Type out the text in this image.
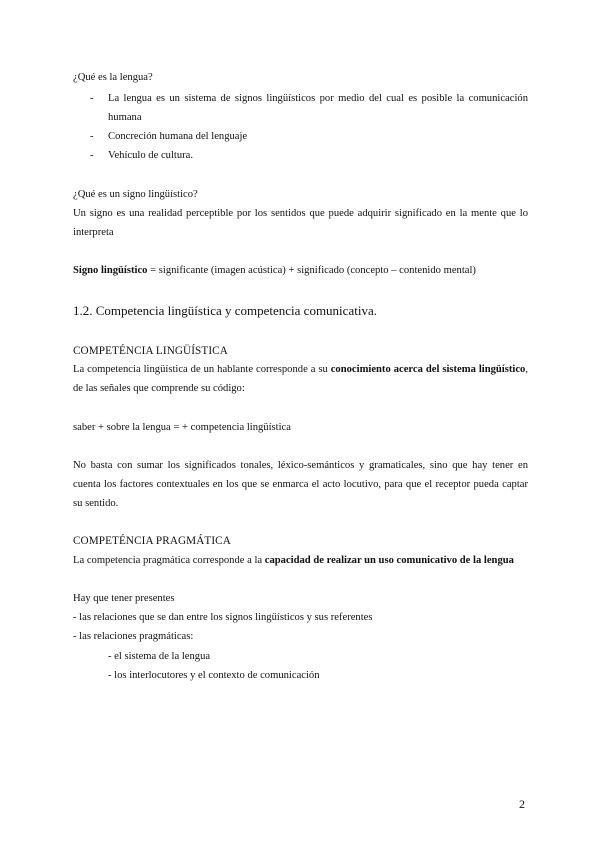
¿Qué es la lengua?
- La lengua es un sistema de signos lingüísticos por medio del cual es posible la comunicación humana
- Concreción humana del lenguaje
- Vehículo de cultura.
¿Qué es un signo lingüístico?
Un signo es una realidad perceptible por los sentidos que puede adquirir significado en la mente que lo interpreta
Signo lingüístico = significante (imagen acústica) + significado (concepto – contenido mental)
1.2. Competencia lingüística y competencia comunicativa.
COMPETÉNCIA LINGÜÍSTICA
La competencia lingüística de un hablante corresponde a su conocimiento acerca del sistema lingüístico, de las señales que comprende su código:
saber + sobre la lengua = + competencia lingüística
No basta con sumar los significados tonales, léxico-semánticos y gramaticales, sino que hay tener en cuenta los factores contextuales en los que se enmarca el acto locutivo, para que el receptor pueda captar su sentido.
COMPETÉNCIA PRAGMÁTICA
La competencia pragmática corresponde a la capacidad de realizar un uso comunicativo de la lengua
Hay que tener presentes
- las relaciones que se dan entre los signos lingüísticos y sus referentes
- las relaciones pragmáticas:
- el sistema de la lengua
- los interlocutores y el contexto de comunicación
2
